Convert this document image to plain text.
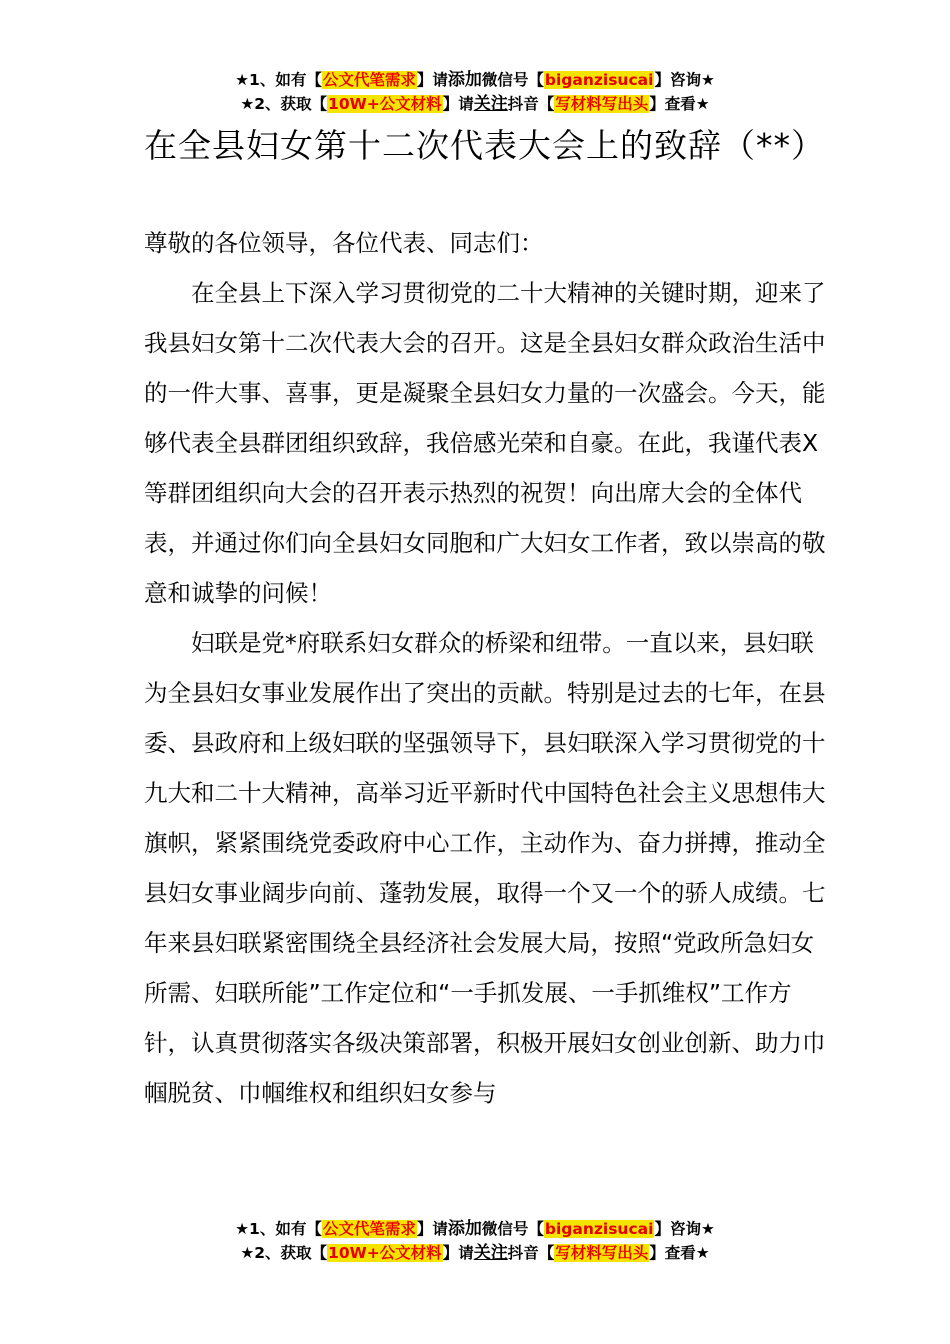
★1、如有【公文代笔需求】请添加微信号【biganzisucai】咨询★
★2、获取【10W+公文材料】请关注抖音【写材料写出头】查看★
在全县妇女第十二次代表大会上的致辞（**）

尊敬的各位领导，各位代表、同志们：

在全县上下深入学习贯彻党的二十大精神的关键时期，迎来了我县妇女第十二次代表大会的召开。这是全县妇女群众政治生活中的一件大事、喜事，更是凝聚全县妇女力量的一次盛会。今天，能够代表全县群团组织致辞，我倍感光荣和自豪。在此，我谨代表X等群团组织向大会的召开表示热烈的祝贺！向出席大会的全体代表，并通过你们向全县妇女同胞和广大妇女工作者，致以崇高的敬意和诚挚的问候！

妇联是党*府联系妇女群众的桥梁和纽带。一直以来，县妇联为全县妇女事业发展作出了突出的贡献。特别是过去的七年，在县委、县政府和上级妇联的坚强领导下，县妇联深入学习贯彻党的十九大和二十大精神，高举习近平新时代中国特色社会主义思想伟大旗帜，紧紧围绕党委政府中心工作，主动作为、奋力拼搏，推动全县妇女事业阔步向前、蓬勃发展，取得一个又一个的骄人成绩。七年来县妇联紧密围绕全县经济社会发展大局，按照“党政所急妇女所需、妇联所能”工作定位和“一手抓发展、一手抓维权”工作方针，认真贯彻落实各级决策部署，积极开展妇女创业创新、助力巾帼脱贫、巾帼维权和组织妇女参与

★1、如有【公文代笔需求】请添加微信号【biganzisucai】咨询★
★2、获取【10W+公文材料】请关注抖音【写材料写出头】查看★
